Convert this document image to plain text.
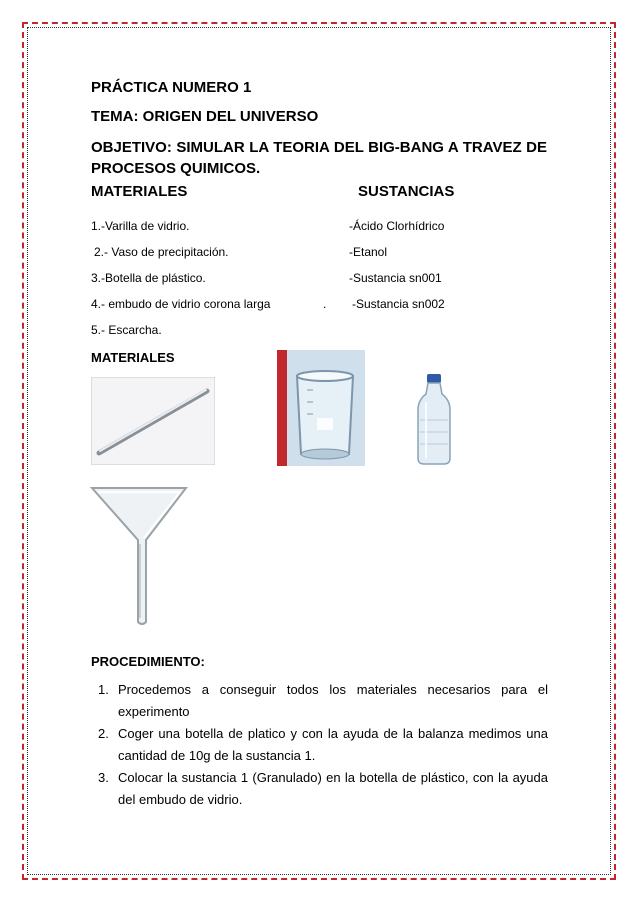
PRÁCTICA NUMERO 1
TEMA: ORIGEN DEL UNIVERSO
OBJETIVO: SIMULAR LA TEORIA DEL BIG-BANG A TRAVEZ DE PROCESOS QUIMICOS.
MATERIALES	SUSTANCIAS
1.-Varilla de vidrio.
2.- Vaso de precipitación.
3.-Botella de plástico.
4.- embudo de vidrio corona larga
5.- Escarcha.
.
-Ácido Clorhídrico
-Etanol
-Sustancia sn001
-Sustancia sn002
MATERIALES
PROCEDIMIENTO:
1. Procedemos a conseguir todos los materiales necesarios para el experimento
2. Coger una botella de platico y con la ayuda de la balanza medimos una cantidad de 10g de la sustancia 1.
3. Colocar la sustancia 1 (Granulado) en la botella de plástico, con la ayuda del embudo de vidrio.
